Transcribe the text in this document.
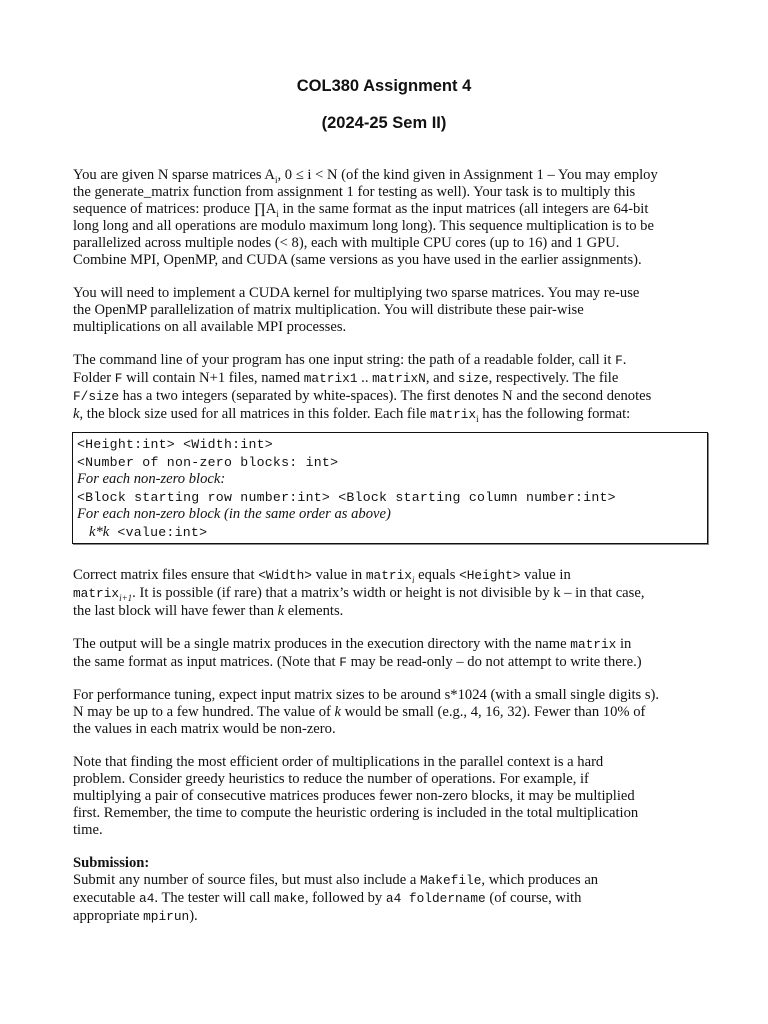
COL380 Assignment 4
(2024-25 Sem II)

You are given N sparse matrices $A_i$, 0 ≤ i < N (of the kind given in Assignment 1 – You may employ
the generate_matrix function from assignment 1 for testing as well). Your task is to multiply this
sequence of matrices: produce $\prod A_i$ in the same format as the input matrices (all integers are 64-bit
long long and all operations are modulo maximum long long). This sequence multiplication is to be
parallelized across multiple nodes (< 8), each with multiple CPU cores (up to 16) and 1 GPU.
Combine MPI, OpenMP, and CUDA (same versions as you have used in the earlier assignments).

You will need to implement a CUDA kernel for multiplying two sparse matrices. You may re-use
the OpenMP parallelization of matrix multiplication. You will distribute these pair-wise
multiplications on all available MPI processes.

The command line of your program has one input string: the path of a readable folder, call it F.
Folder F will contain N+1 files, named matrix1 .. matrixN, and size, respectively. The file
F/size has a two integers (separated by white-spaces). The first denotes N and the second denotes
k, the block size used for all matrices in this folder. Each file matrix$_i$ has the following format:

<Height:int> <Width:int>
<Number of non-zero blocks: int>
For each non-zero block:
<Block starting row number:int> <Block starting column number:int>
For each non-zero block (in the same order as above)
k*k <value:int>

Correct matrix files ensure that <Width> value in matrix$_i$ equals <Height> value in
matrix$_{i+1}$. It is possible (if rare) that a matrix’s width or height is not divisible by k – in that case,
the last block will have fewer than k elements.

The output will be a single matrix produces in the execution directory with the name matrix in
the same format as input matrices. (Note that F may be read-only – do not attempt to write there.)

For performance tuning, expect input matrix sizes to be around s*1024 (with a small single digits s).
N may be up to a few hundred. The value of k would be small (e.g., 4, 16, 32). Fewer than 10% of
the values in each matrix would be non-zero.

Note that finding the most efficient order of multiplications in the parallel context is a hard
problem. Consider greedy heuristics to reduce the number of operations. For example, if
multiplying a pair of consecutive matrices produces fewer non-zero blocks, it may be multiplied
first. Remember, the time to compute the heuristic ordering is included in the total multiplication
time.

Submission:
Submit any number of source files, but must also include a Makefile, which produces an
executable a4. The tester will call make, followed by a4 foldername (of course, with
appropriate mpirun).
